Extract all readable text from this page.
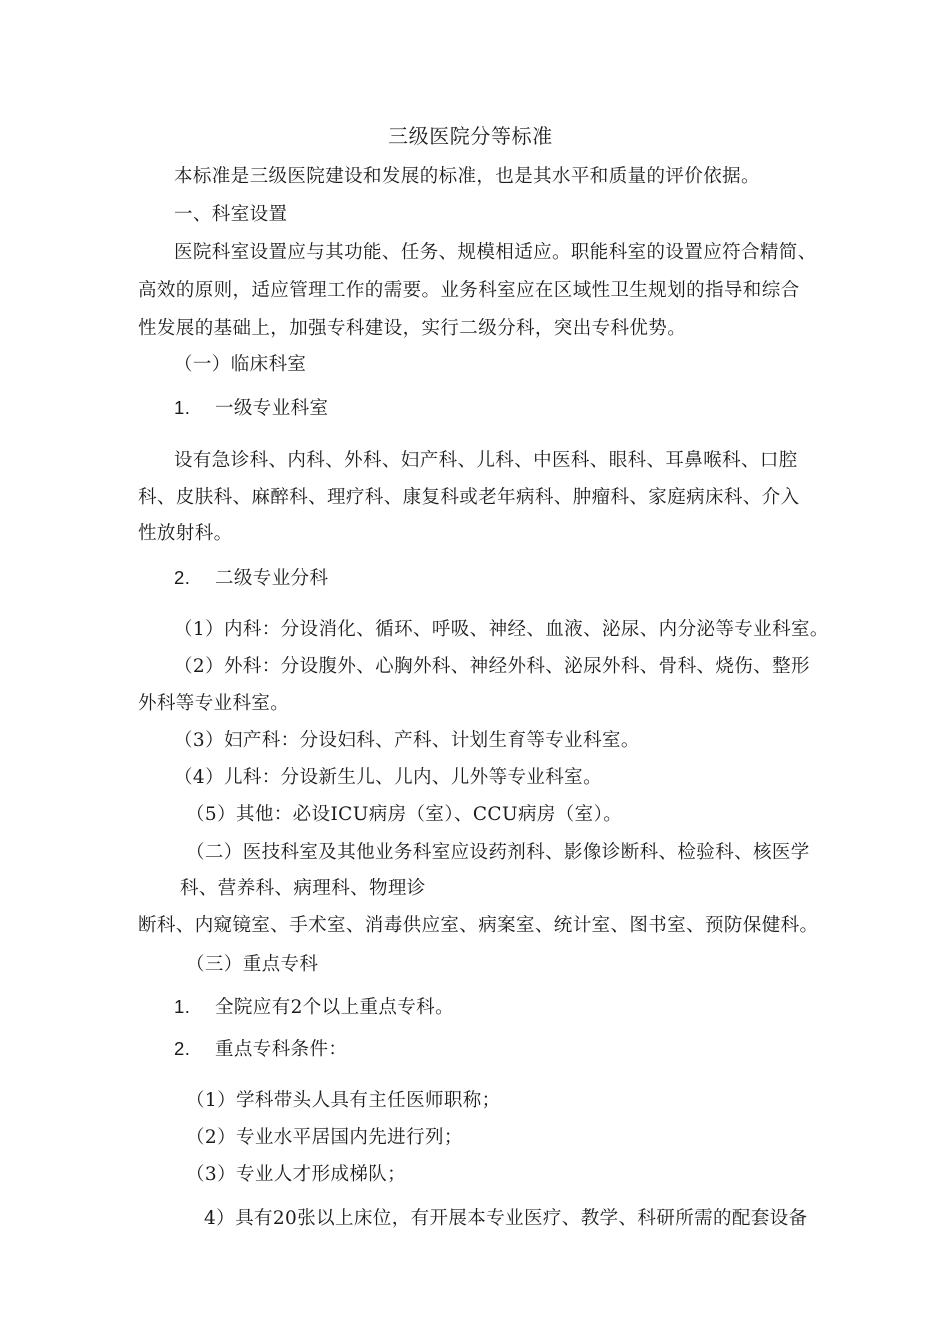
三级医院分等标准
本标准是三级医院建设和发展的标准，也是其水平和质量的评价依据。
一、科室设置
医院科室设置应与其功能、任务、规模相适应。职能科室的设置应符合精简、
高效的原则，适应管理工作的需要。业务科室应在区域性卫生规划的指导和综合
性发展的基础上，加强专科建设，实行二级分科，突出专科优势。
（一）临床科室
1. 一级专业科室
设有急诊科、内科、外科、妇产科、儿科、中医科、眼科、耳鼻喉科、口腔
科、皮肤科、麻醉科、理疗科、康复科或老年病科、肿瘤科、家庭病床科、介入
性放射科。
2. 二级专业分科
（1）内科：分设消化、循环、呼吸、神经、血液、泌尿、内分泌等专业科室。
（2）外科：分设腹外、心胸外科、神经外科、泌尿外科、骨科、烧伤、整形
外科等专业科室。
（3）妇产科：分设妇科、产科、计划生育等专业科室。
（4）儿科：分设新生儿、儿内、儿外等专业科室。
（5）其他：必设ICU病房（室）、CCU病房（室）。
（二）医技科室及其他业务科室应设药剂科、影像诊断科、检验科、核医学
科、营养科、病理科、物理诊
断科、内窥镜室、手术室、消毒供应室、病案室、统计室、图书室、预防保健科。
（三）重点专科
1. 全院应有2个以上重点专科。
2. 重点专科条件：
（1）学科带头人具有主任医师职称；
（2）专业水平居国内先进行列；
（3）专业人才形成梯队；
4）具有20张以上床位，有开展本专业医疗、教学、科研所需的配套设备
